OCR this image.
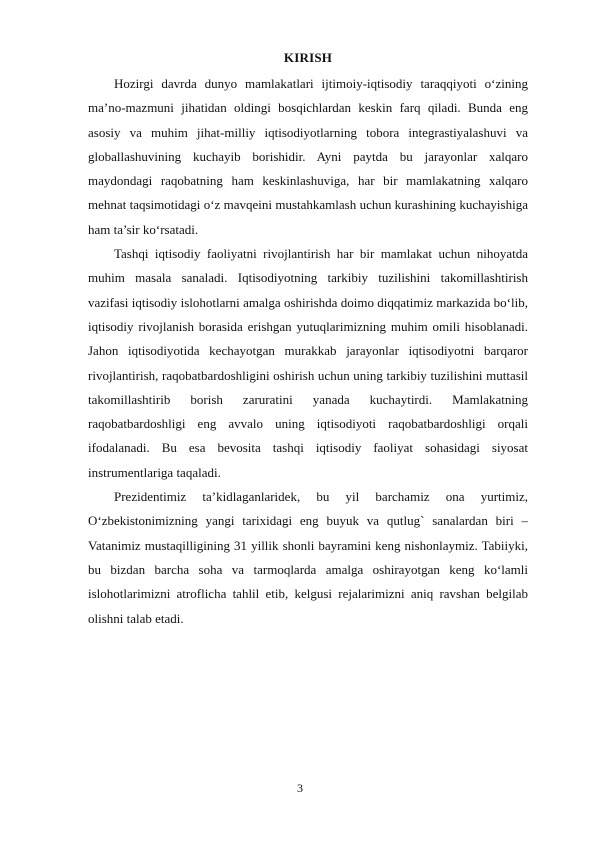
KIRISH

Hozirgi davrda dunyo mamlakatlari ijtimoiy-iqtisodiy taraqqiyoti o‘zining ma’no-mazmuni jihatidan oldingi bosqichlardan keskin farq qiladi. Bunda eng asosiy va muhim jihat-milliy iqtisodiyotlarning tobora integrastiyalashuvi va globallashuvining kuchayib borishidir. Ayni paytda bu jarayonlar xalqaro maydondagi raqobatning ham keskinlashuviga, har bir mamlakatning xalqaro mehnat taqsimotidagi o‘z mavqeini mustahkamlash uchun kurashining kuchayishiga ham ta’sir ko‘rsatadi.

Tashqi iqtisodiy faoliyatni rivojlantirish har bir mamlakat uchun nihoyatda muhim masala sanaladi. Iqtisodiyotning tarkibiy tuzilishini takomillashtirish vazifasi iqtisodiy islohotlarni amalga oshirishda doimo diqqatimiz markazida bo‘lib, iqtisodiy rivojlanish borasida erishgan yutuqlarimizning muhim omili hisoblanadi. Jahon iqtisodiyotida kechayotgan murakkab jarayonlar iqtisodiyotni barqaror rivojlantirish, raqobatbardoshligini oshirish uchun uning tarkibiy tuzilishini muttasil takomillashtirib borish zaruratini yanada kuchaytirdi. Mamlakatning raqobatbardoshligi eng avvalo uning iqtisodiyoti raqobatbardoshligi orqali ifodalanadi. Bu esa bevosita tashqi iqtisodiy faoliyat sohasidagi siyosat instrumentlariga taqaladi.

Prezidentimiz ta’kidlaganlaridek, bu yil barchamiz ona yurtimiz, O‘zbekistonimizning yangi tarixidagi eng buyuk va qutlug` sanalardan biri – Vatanimiz mustaqilligining 31 yillik shonli bayramini keng nishonlaymiz. Tabiiyki, bu bizdan barcha soha va tarmoqlarda amalga oshirayotgan keng ko‘lamli islohotlarimizni atroflicha tahlil etib, kelgusi rejalarimizni aniq ravshan belgilab olishni talab etadi.

3
